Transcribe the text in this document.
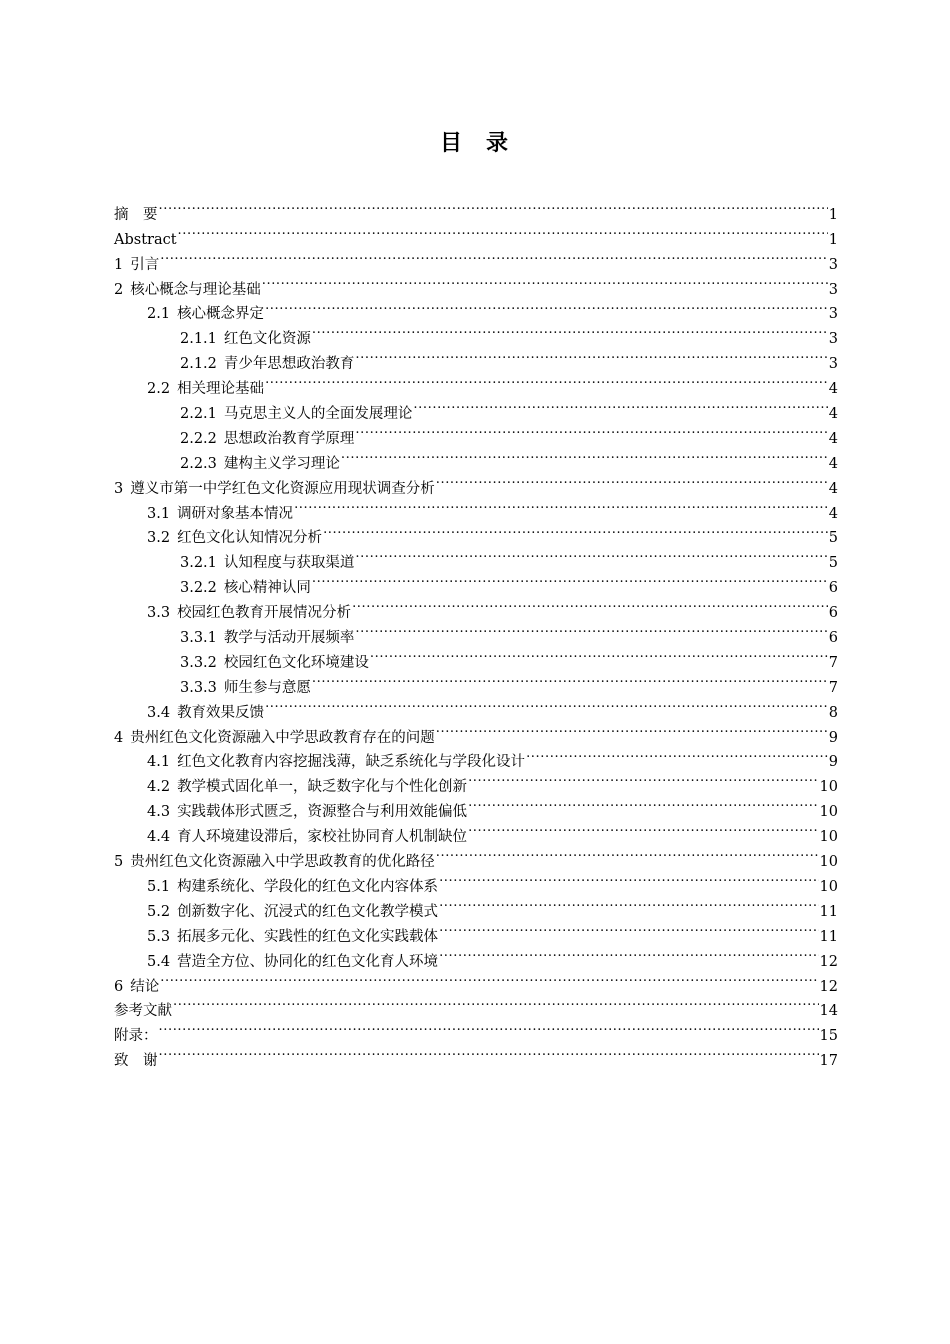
目 录
摘　要 .....	1
Abstract .....	1
1 引言 .....	3
2 核心概念与理论基础 .....	3
2.1 核心概念界定 .....	3
2.1.1 红色文化资源 .....	3
2.1.2 青少年思想政治教育 .....	3
2.2 相关理论基础 .....	4
2.2.1 马克思主义人的全面发展理论 .....	4
2.2.2 思想政治教育学原理 .....	4
2.2.3 建构主义学习理论 .....	4
3 遵义市第一中学红色文化资源应用现状调查分析 .....	4
3.1 调研对象基本情况 .....	4
3.2 红色文化认知情况分析 .....	5
3.2.1 认知程度与获取渠道 .....	5
3.2.2 核心精神认同 .....	6
3.3 校园红色教育开展情况分析 .....	6
3.3.1 教学与活动开展频率 .....	6
3.3.2 校园红色文化环境建设 .....	7
3.3.3 师生参与意愿 .....	7
3.4 教育效果反馈 .....	8
4 贵州红色文化资源融入中学思政教育存在的问题 .....	9
4.1 红色文化教育内容挖掘浅薄，缺乏系统化与学段化设计 .....	9
4.2 教学模式固化单一，缺乏数字化与个性化创新 .....	10
4.3 实践载体形式匮乏，资源整合与利用效能偏低 .....	10
4.4 育人环境建设滞后，家校社协同育人机制缺位 .....	10
5 贵州红色文化资源融入中学思政教育的优化路径 .....	10
5.1 构建系统化、学段化的红色文化内容体系 .....	10
5.2 创新数字化、沉浸式的红色文化教学模式 .....	11
5.3 拓展多元化、实践性的红色文化实践载体 .....	11
5.4 营造全方位、协同化的红色文化育人环境 .....	12
6 结论 .....	12
参考文献 .....	14
附录： .....	15
致　谢 .....	17
